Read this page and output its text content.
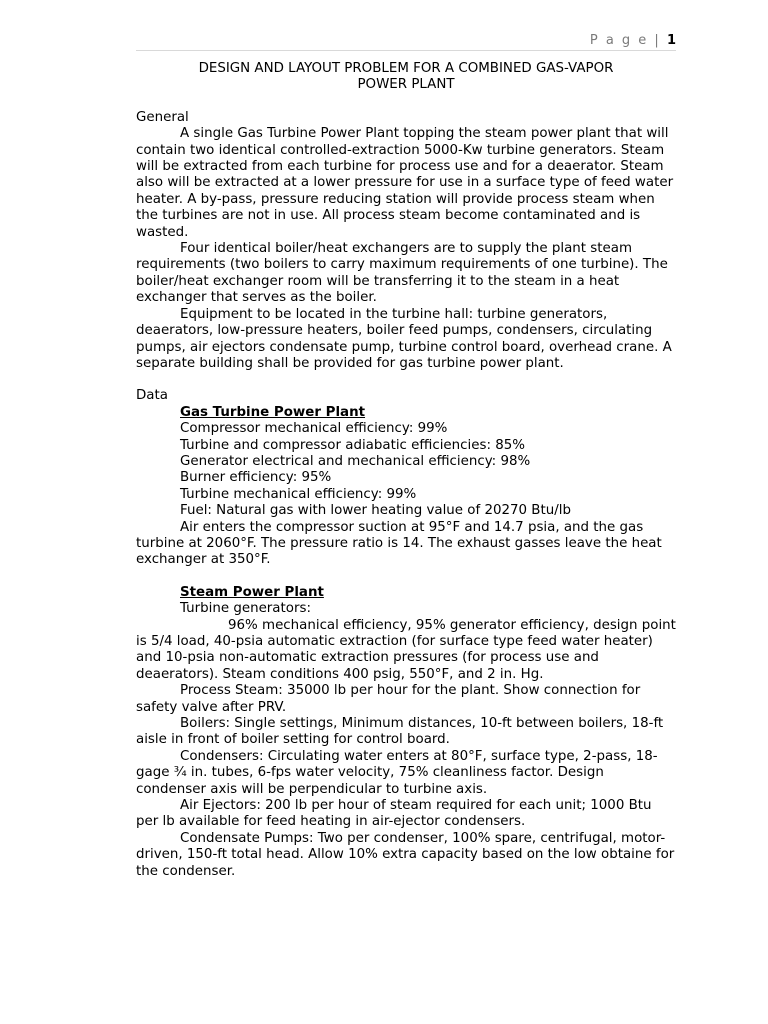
P a g e | 1
DESIGN AND LAYOUT PROBLEM FOR A COMBINED GAS-VAPOR
POWER PLANT
General
A single Gas Turbine Power Plant topping the steam power plant that will contain two identical controlled-extraction 5000-Kw turbine generators. Steam will be extracted from each turbine for process use and for a deaerator. Steam also will be extracted at a lower pressure for use in a surface type of feed water heater. A by-pass, pressure reducing station will provide process steam when the turbines are not in use. All process steam become contaminated and is wasted.
Four identical boiler/heat exchangers are to supply the plant steam requirements (two boilers to carry maximum requirements of one turbine). The boiler/heat exchanger room will be transferring it to the steam in a heat exchanger that serves as the boiler.
Equipment to be located in the turbine hall: turbine generators, deaerators, low-pressure heaters, boiler feed pumps, condensers, circulating pumps, air ejectors condensate pump, turbine control board, overhead crane. A separate building shall be provided for gas turbine power plant.
Data
Gas Turbine Power Plant
Compressor mechanical efficiency: 99%
Turbine and compressor adiabatic efficiencies: 85%
Generator electrical and mechanical efficiency: 98%
Burner efficiency: 95%
Turbine mechanical efficiency: 99%
Fuel: Natural gas with lower heating value of 20270 Btu/lb
Air enters the compressor suction at 95°F and 14.7 psia, and the gas turbine at 2060°F. The pressure ratio is 14. The exhaust gasses leave the heat exchanger at 350°F.
Steam Power Plant
Turbine generators:
96% mechanical efficiency, 95% generator efficiency, design point is 5/4 load, 40-psia automatic extraction (for surface type feed water heater) and 10-psia non-automatic extraction pressures (for process use and deaerators). Steam conditions 400 psig, 550°F, and 2 in. Hg.
Process Steam: 35000 lb per hour for the plant. Show connection for safety valve after PRV.
Boilers: Single settings, Minimum distances, 10-ft between boilers, 18-ft aisle in front of boiler setting for control board.
Condensers: Circulating water enters at 80°F, surface type, 2-pass, 18-gage ¾ in. tubes, 6-fps water velocity, 75% cleanliness factor. Design condenser axis will be perpendicular to turbine axis.
Air Ejectors: 200 lb per hour of steam required for each unit; 1000 Btu per lb available for feed heating in air-ejector condensers.
Condensate Pumps: Two per condenser, 100% spare, centrifugal, motor-driven, 150-ft total head. Allow 10% extra capacity based on the low obtaine for the condenser.
